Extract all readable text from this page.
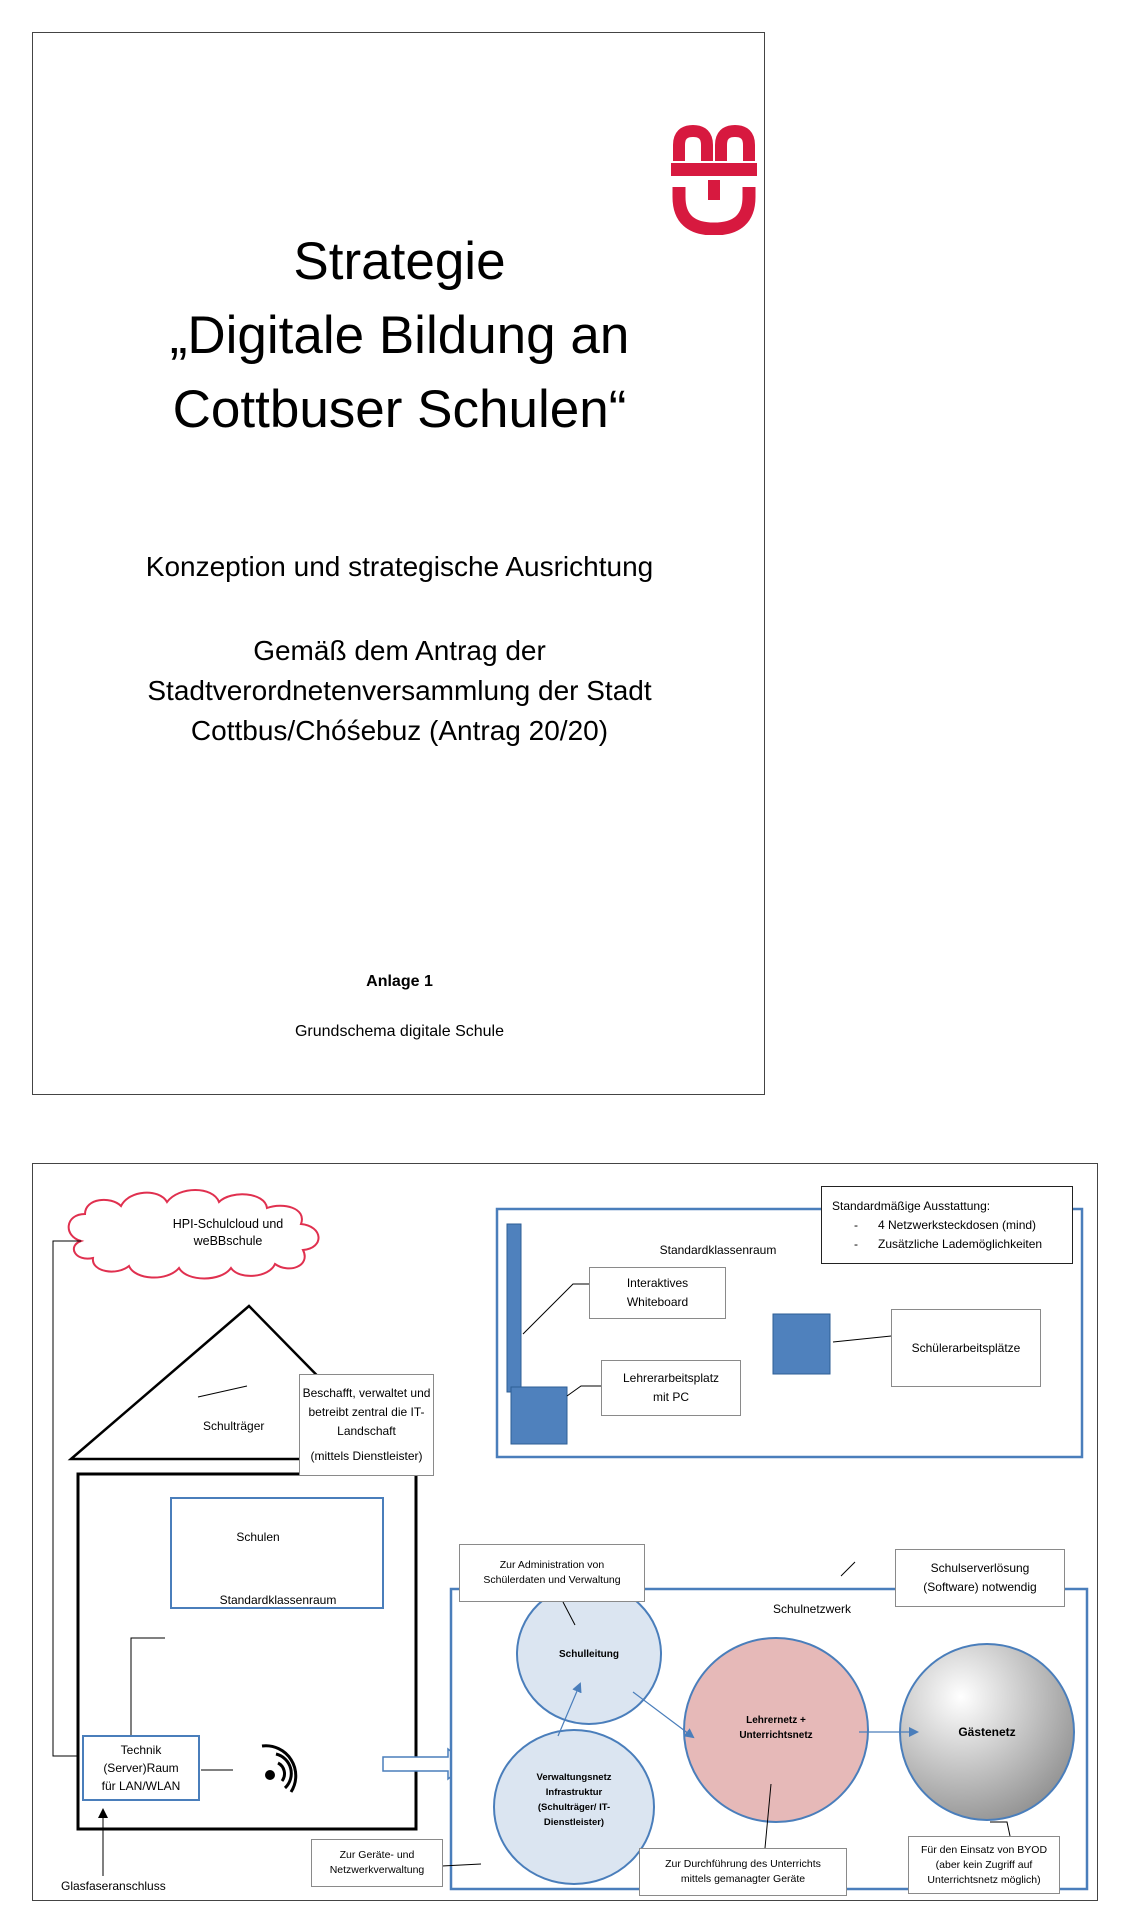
Strategie
„Digitale Bildung an
Cottbuser Schulen“
Konzeption und strategische Ausrichtung
Gemäß dem Antrag der
Stadtverordnetenversammlung der Stadt
Cottbus/Chóśebuz (Antrag 20/20)
Anlage 1
Grundschema digitale Schule
HPI-Schulcloud und
weBBschule
Schulträger
Beschafft, verwaltet und
betreibt zentral die IT-
Landschaft
(mittels Dienstleister)
Standardmäßige Ausstattung:
-      4 Netzwerksteckdosen (mind)
-      Zusätzliche Lademöglichkeiten
Standardklassenraum
Interaktives
Whiteboard
Lehrerarbeitsplatz
mit PC
Schülerarbeitsplätze
Schulen
Standardklassenraum
Technik
(Server)Raum
für LAN/WLAN
Glasfaseranschluss
Zur Administration von
Schülerdaten und Verwaltung
Schulnetzwerk
Schulserverlösung
(Software) notwendig
Schulleitung
Lehrernetz +
Unterrichtsnetz	Gästenetz
Verwaltungsnetz
Infrastruktur
(Schulträger/ IT-
Dienstleister)
Zur Geräte- und
Netzwerkverwaltung	Zur Durchführung des Unterrichts
mittels gemanagter Geräte
Für den Einsatz von BYOD
(aber kein Zugriff auf
Unterrichtsnetz möglich)
